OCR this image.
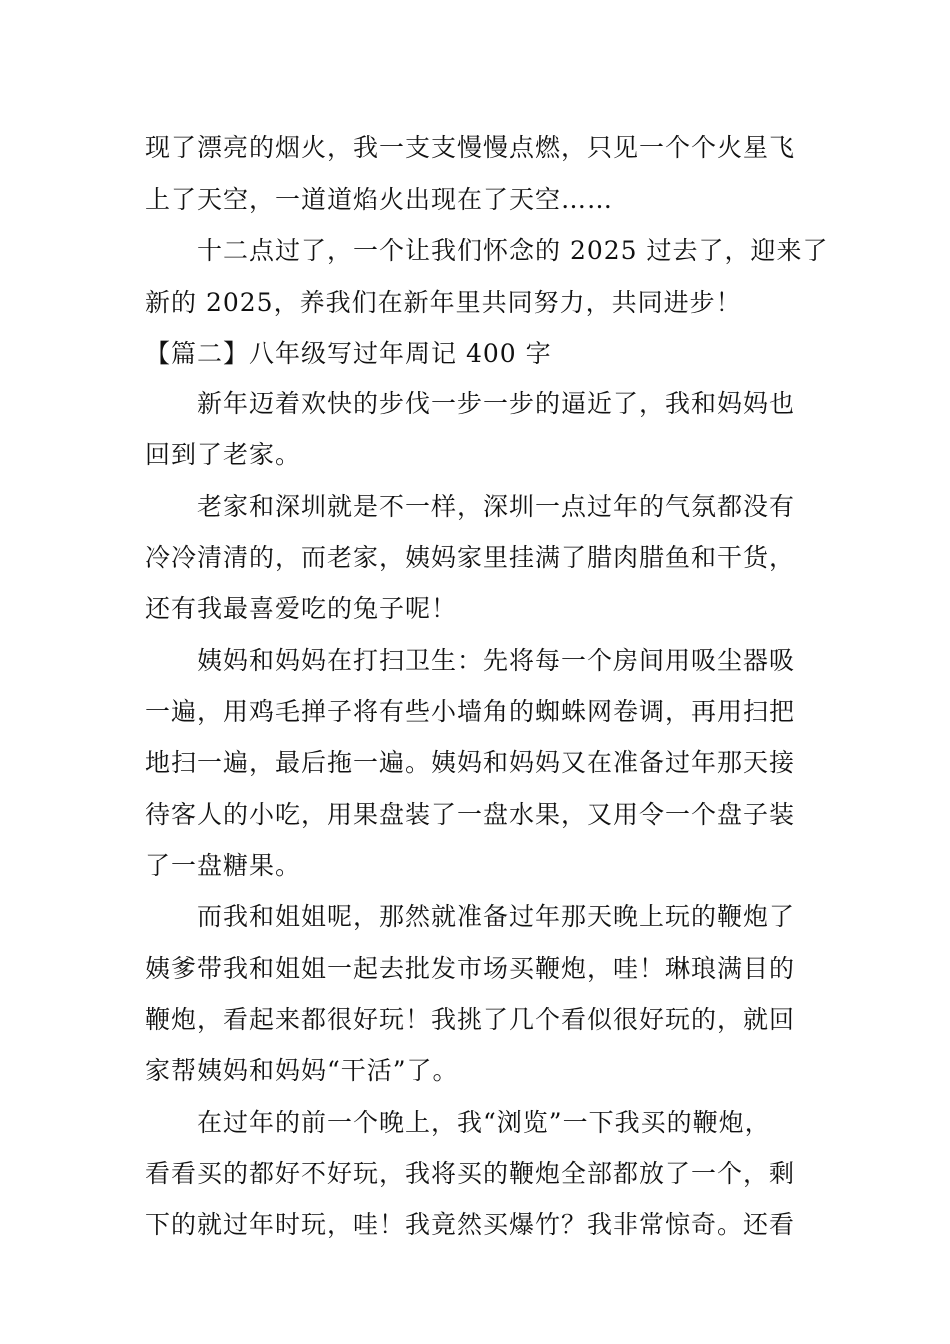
现了漂亮的烟火，我一支支慢慢点燃，只见一个个火星飞
上了天空，一道道焰火出现在了天空……
十二点过了，一个让我们怀念的 2025 过去了，迎来了
新的 2025，养我们在新年里共同努力，共同进步！
【篇二】八年级写过年周记 400 字
新年迈着欢快的步伐一步一步的逼近了，我和妈妈也
回到了老家。
老家和深圳就是不一样，深圳一点过年的气氛都没有
冷冷清清的，而老家，姨妈家里挂满了腊肉腊鱼和干货，
还有我最喜爱吃的兔子呢！
姨妈和妈妈在打扫卫生：先将每一个房间用吸尘器吸
一遍，用鸡毛掸子将有些小墙角的蜘蛛网卷调，再用扫把
地扫一遍，最后拖一遍。姨妈和妈妈又在准备过年那天接
待客人的小吃，用果盘装了一盘水果，又用令一个盘子装
了一盘糖果。
而我和姐姐呢，那然就准备过年那天晚上玩的鞭炮了
姨爹带我和姐姐一起去批发市场买鞭炮，哇！琳琅满目的
鞭炮，看起来都很好玩！我挑了几个看似很好玩的，就回
家帮姨妈和妈妈“干活”了。
在过年的前一个晚上，我“浏览”一下我买的鞭炮，
看看买的都好不好玩，我将买的鞭炮全部都放了一个，剩
下的就过年时玩，哇！我竟然买爆竹？我非常惊奇。还看
